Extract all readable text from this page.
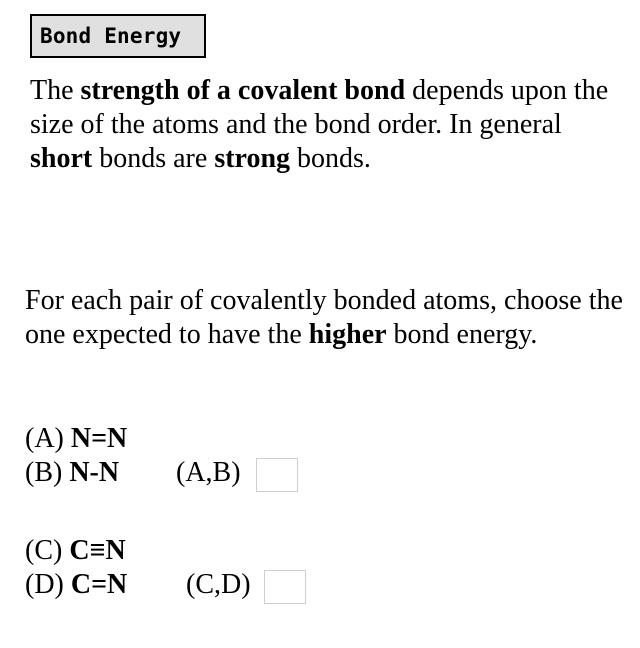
Bond Energy
The strength of a covalent bond depends upon the size of the atoms and the bond order. In general short bonds are strong bonds.
For each pair of covalently bonded atoms, choose the one expected to have the higher bond energy.
(A) N=N
(B) N-N (A,B)
(C) C≡N
(D) C=N (C,D)
